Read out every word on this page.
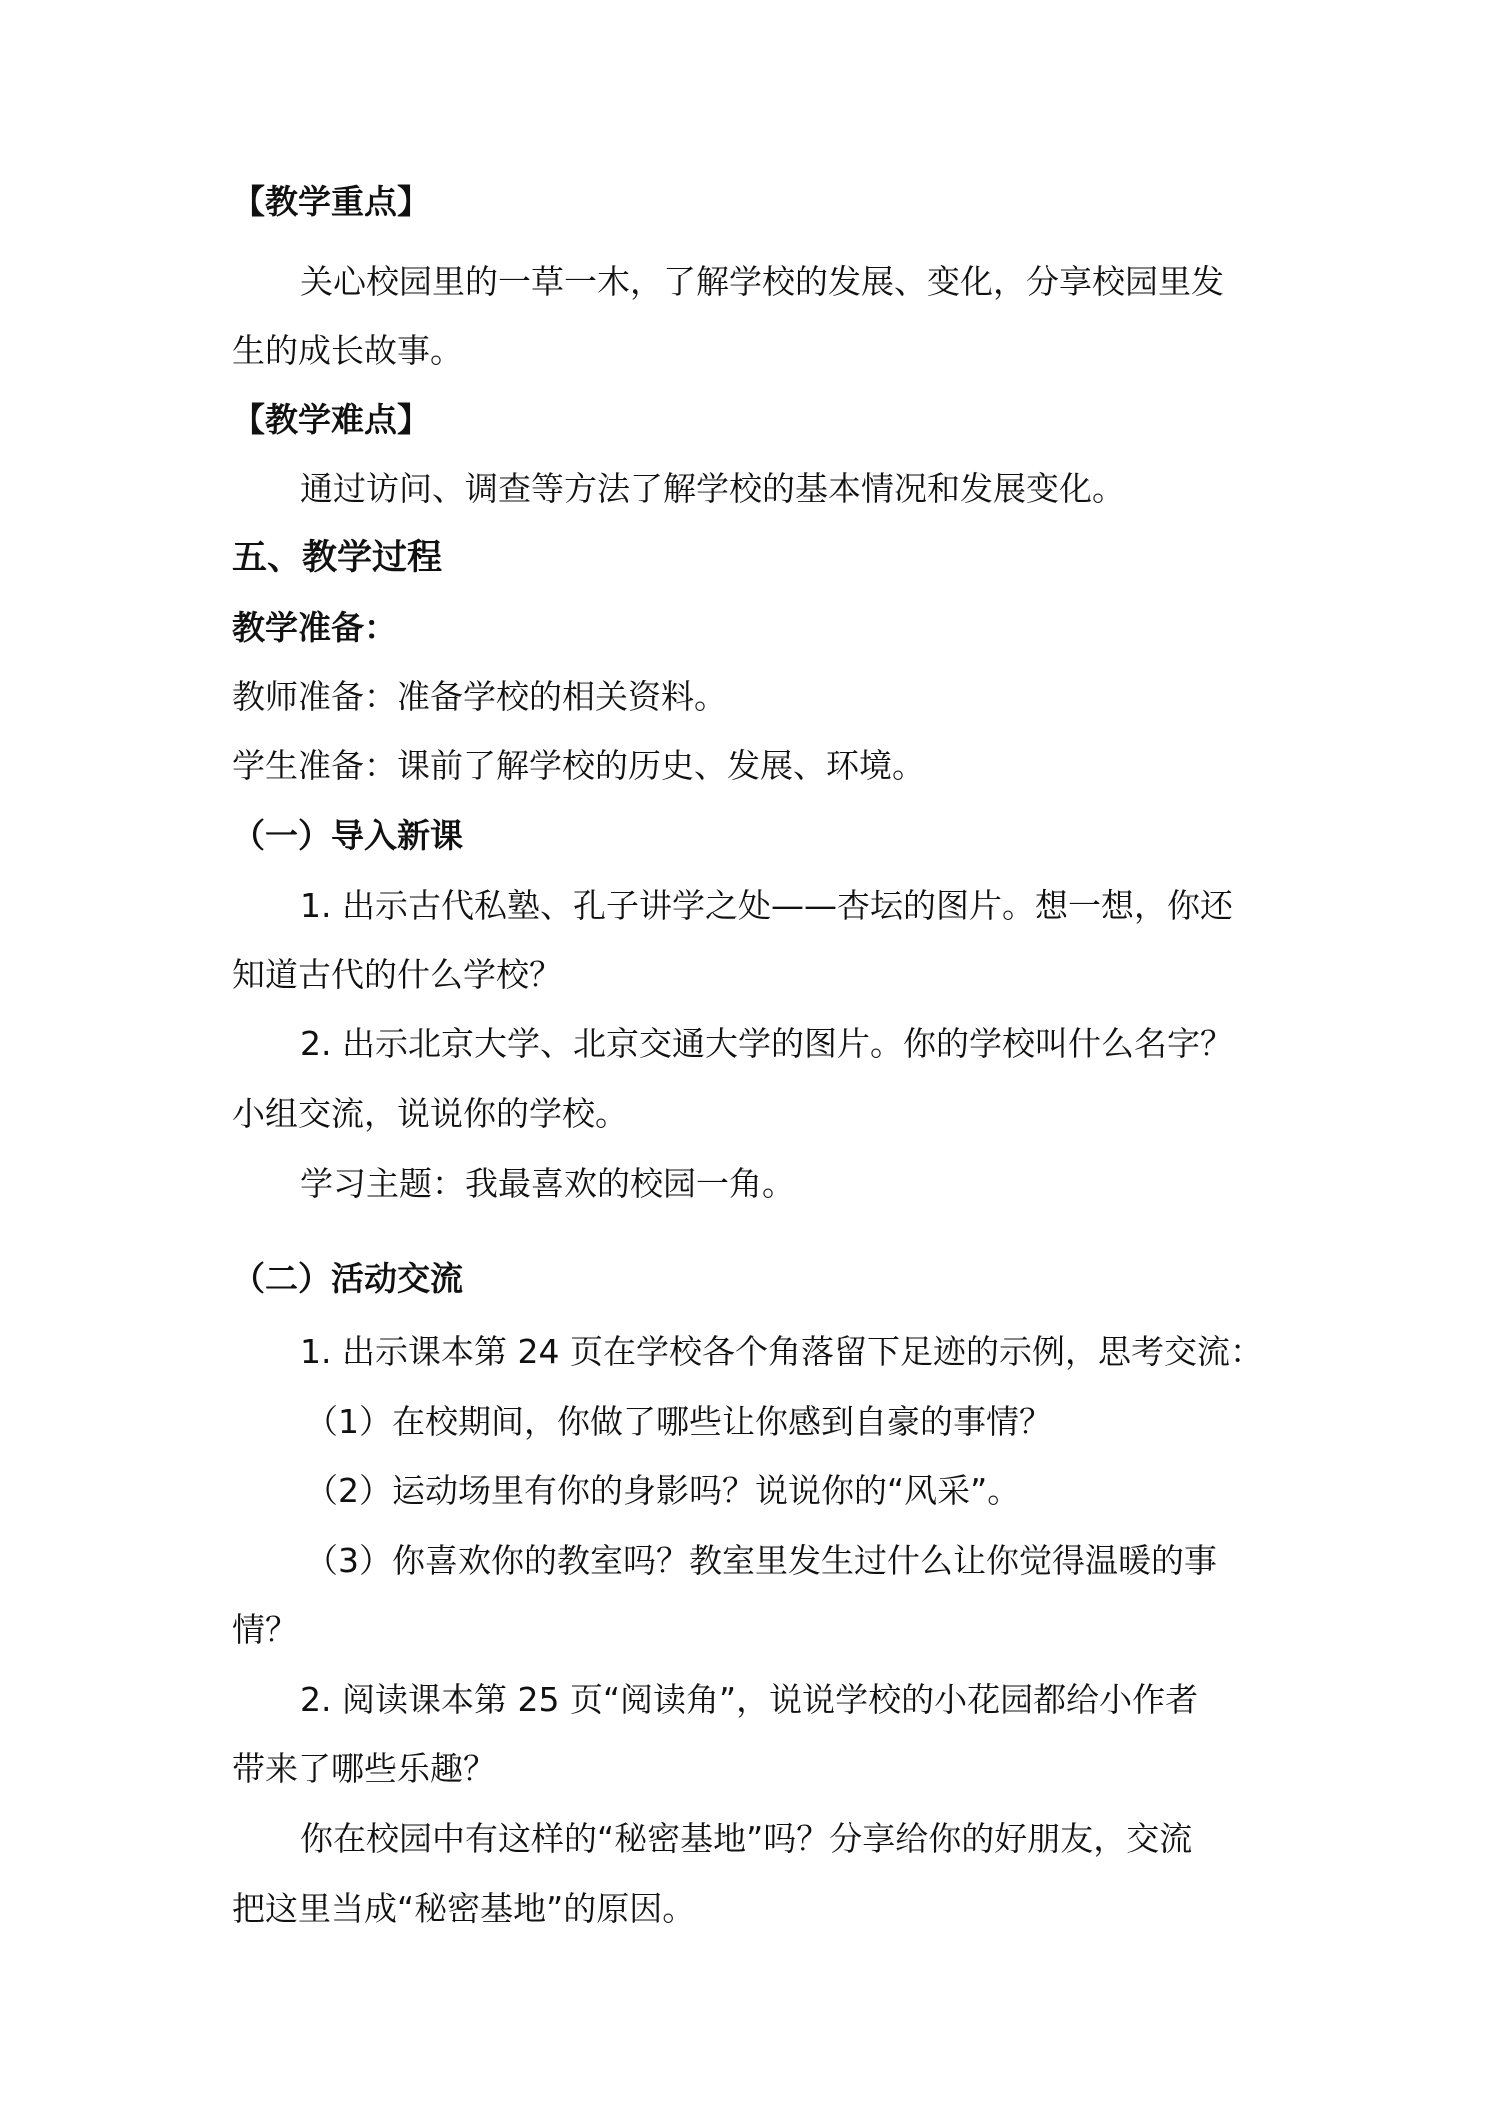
【教学重点】
关心校园里的一草一木，了解学校的发展、变化，分享校园里发
生的成长故事。
【教学难点】
通过访问、调查等方法了解学校的基本情况和发展变化。
五、教学过程
教学准备：
教师准备：准备学校的相关资料。
学生准备：课前了解学校的历史、发展、环境。
（一）导入新课
1. 出示古代私塾、孔子讲学之处——杏坛的图片。想一想，你还
知道古代的什么学校？
2. 出示北京大学、北京交通大学的图片。你的学校叫什么名字？
小组交流，说说你的学校。
学习主题：我最喜欢的校园一角。
（二）活动交流
1. 出示课本第 24 页在学校各个角落留下足迹的示例，思考交流：
（1）在校期间，你做了哪些让你感到自豪的事情？
（2）运动场里有你的身影吗？说说你的“风采”。
（3）你喜欢你的教室吗？教室里发生过什么让你觉得温暖的事
情？
2. 阅读课本第 25 页“阅读角”，说说学校的小花园都给小作者
带来了哪些乐趣？
你在校园中有这样的“秘密基地”吗？分享给你的好朋友，交流
把这里当成“秘密基地”的原因。
